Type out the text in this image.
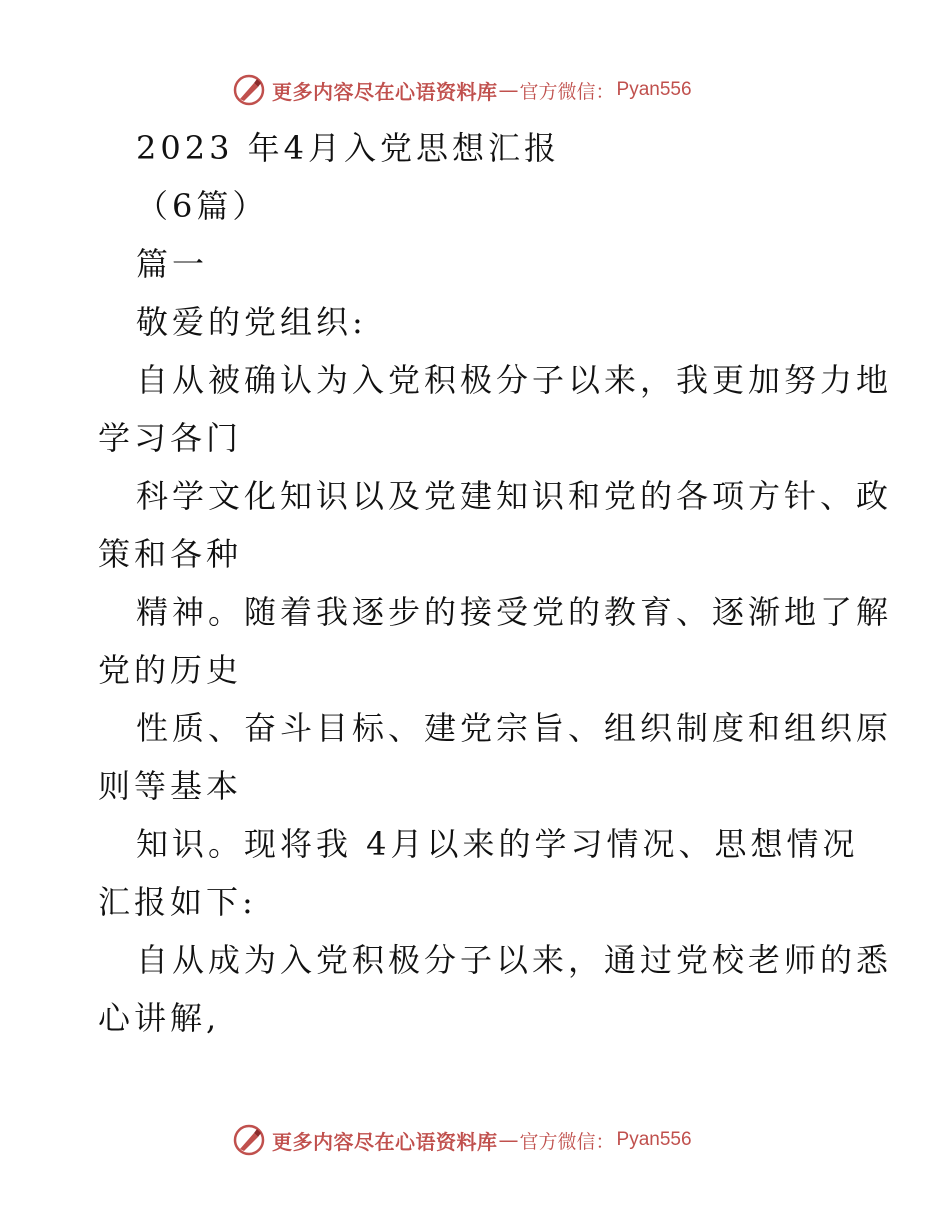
更多内容尽在心语资料库 — 官方微信： Pyan556
2023 年4月入党思想汇报
（6篇）
篇一
敬爱的党组织:
自从被确认为入党积极分子以来，我更加努力地
学习各门
科学文化知识以及党建知识和党的各项方针、政
策和各种
精神。随着我逐步的接受党的教育、逐渐地了解
党的历史
性质、奋斗目标、建党宗旨、组织制度和组织原
则等基本
知识。现将我 4月以来的学习情况、思想情况
汇报如下:
自从成为入党积极分子以来，通过党校老师的悉
心讲解,
更多内容尽在心语资料库 — 官方微信： Pyan556
